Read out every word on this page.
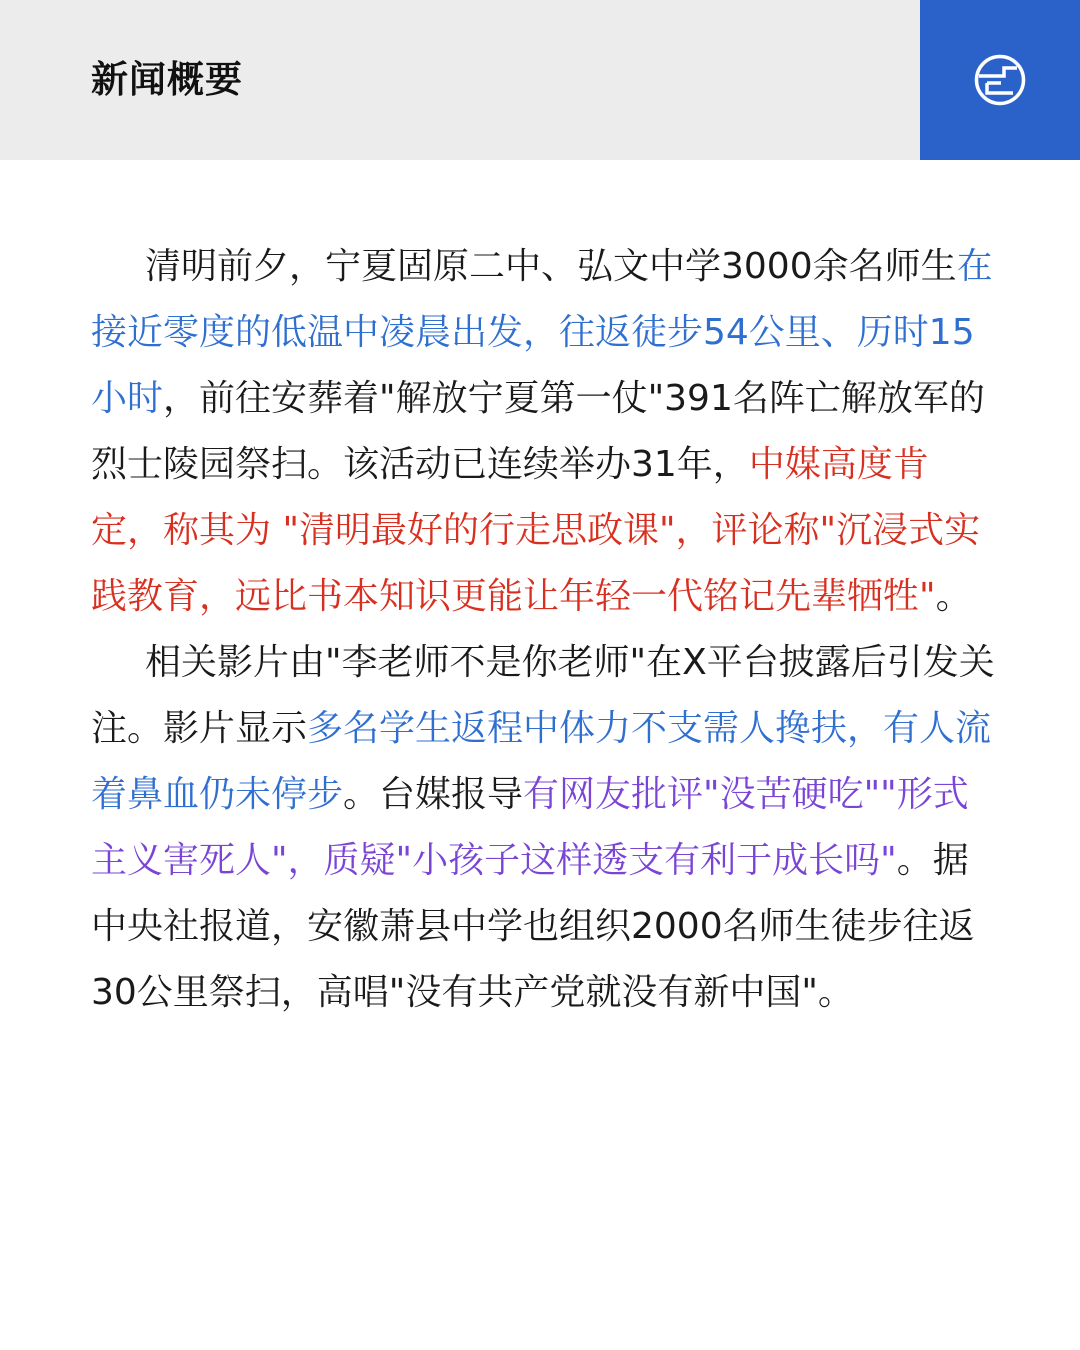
新闻概要

清明前夕，宁夏固原二中、弘文中学3000余名师生在接近零度的低温中凌晨出发，往返徒步54公里、历时15小时，前往安葬着"解放宁夏第一仗"391名阵亡解放军的烈士陵园祭扫。该活动已连续举办31年，中媒高度肯定，称其为 "清明最好的行走思政课"，评论称"沉浸式实践教育，远比书本知识更能让年轻一代铭记先辈牺牲"。

相关影片由"李老师不是你老师"在X平台披露后引发关注。影片显示多名学生返程中体力不支需人搀扶，有人流着鼻血仍未停步。台媒报导有网友批评"没苦硬吃""形式主义害死人"，质疑"小孩子这样透支有利于成长吗"。据中央社报道，安徽萧县中学也组织2000名师生徒步往返30公里祭扫，高唱"没有共产党就没有新中国"。
